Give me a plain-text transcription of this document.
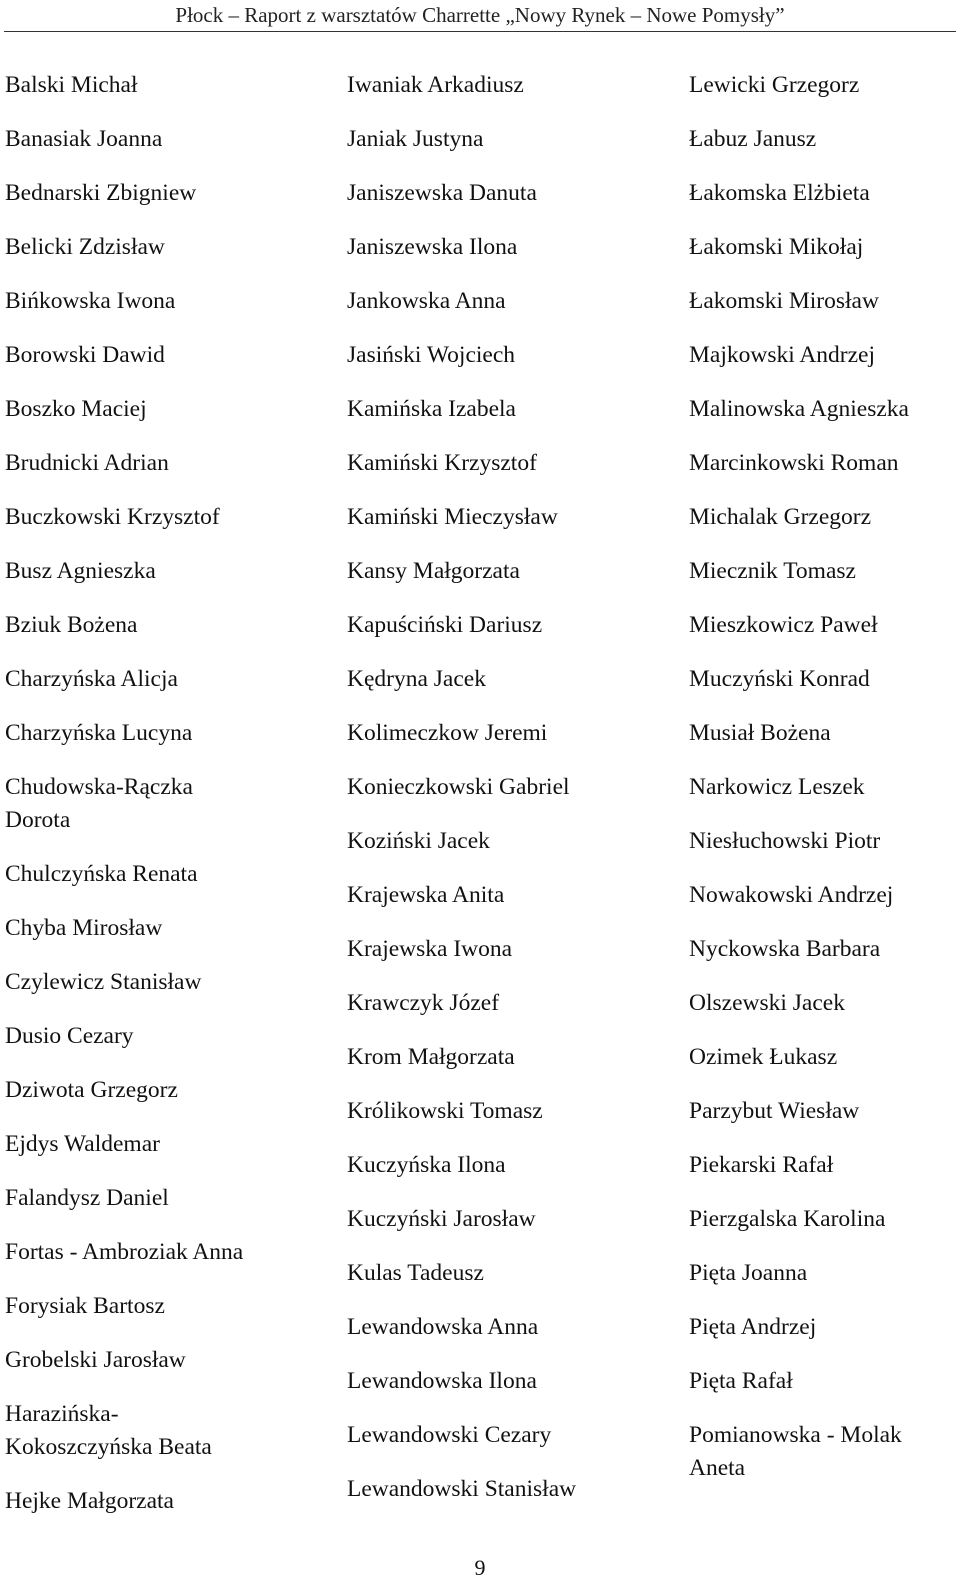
Płock – Raport z warsztatów Charrette „Nowy Rynek – Nowe Pomysły”
Balski Michał
Banasiak Joanna
Bednarski Zbigniew
Belicki Zdzisław
Bińkowska Iwona
Borowski Dawid
Boszko Maciej
Brudnicki Adrian
Buczkowski Krzysztof
Busz Agnieszka
Bziuk Bożena
Charzyńska Alicja
Charzyńska Lucyna
Chudowska-Rączka Dorota
Chulczyńska Renata
Chyba Mirosław
Czylewicz Stanisław
Dusio Cezary
Dziwota Grzegorz
Ejdys Waldemar
Falandysz Daniel
Fortas - Ambroziak Anna
Forysiak Bartosz
Grobelski Jarosław
Harazińska-Kokoszczyńska Beata
Hejke Małgorzata
Iwaniak Arkadiusz
Janiak Justyna
Janiszewska Danuta
Janiszewska Ilona
Jankowska Anna
Jasiński Wojciech
Kamińska Izabela
Kamiński Krzysztof
Kamiński Mieczysław
Kansy Małgorzata
Kapuściński Dariusz
Kędryna Jacek
Kolimeczkow Jeremi
Konieczkowski Gabriel
Koziński Jacek
Krajewska Anita
Krajewska Iwona
Krawczyk Józef
Krom Małgorzata
Królikowski Tomasz
Kuczyńska Ilona
Kuczyński Jarosław
Kulas Tadeusz
Lewandowska Anna
Lewandowska Ilona
Lewandowski Cezary
Lewandowski Stanisław
Lewicki Grzegorz
Łabuz Janusz
Łakomska Elżbieta
Łakomski Mikołaj
Łakomski Mirosław
Majkowski Andrzej
Malinowska Agnieszka
Marcinkowski Roman
Michalak Grzegorz
Miecznik Tomasz
Mieszkowicz Paweł
Muczyński Konrad
Musiał Bożena
Narkowicz Leszek
Niesłuchowski Piotr
Nowakowski Andrzej
Nyckowska Barbara
Olszewski Jacek
Ozimek Łukasz
Parzybut Wiesław
Piekarski Rafał
Pierzgalska Karolina
Pięta Joanna
Pięta Andrzej
Pięta Rafał
Pomianowska - Molak Aneta
9
